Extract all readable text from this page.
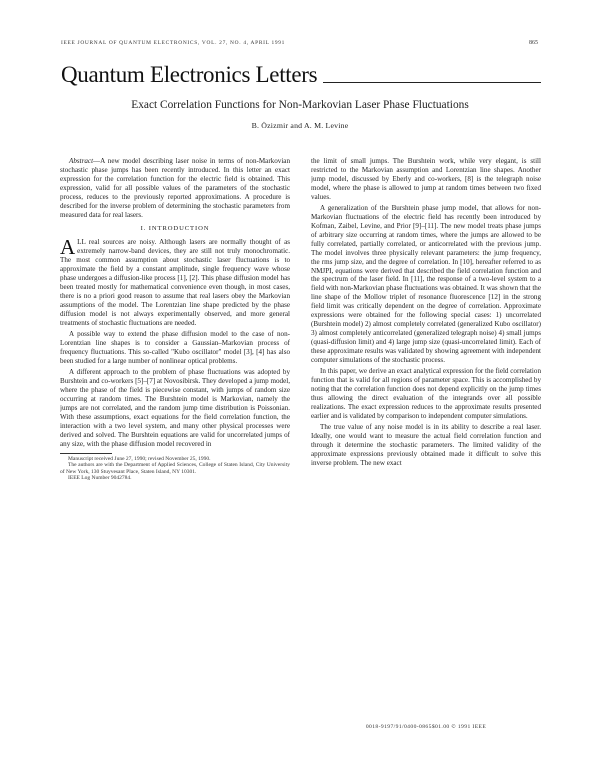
IEEE JOURNAL OF QUANTUM ELECTRONICS, VOL. 27, NO. 4, APRIL 1991	865
Quantum Electronics Letters
Exact Correlation Functions for Non-Markovian Laser Phase Fluctuations
B. Özizmir and A. M. Levine

Abstract—A new model describing laser noise in terms of non-Markovian stochastic phase jumps has been recently introduced. In this letter an exact expression for the correlation function for the electric field is obtained. This expression, valid for all possible values of the parameters of the stochastic process, reduces to the previously reported approximations. A procedure is described for the inverse problem of determining the stochastic parameters from measured data for real lasers.

I. INTRODUCTION

ALL real sources are noisy. Although lasers are normally thought of as extremely narrow-band devices, they are still not truly monochromatic. The most common assumption about stochastic laser fluctuations is to approximate the field by a constant amplitude, single frequency wave whose phase undergoes a diffusion-like process [1], [2]. This phase diffusion model has been treated mostly for mathematical convenience even though, in most cases, there is no a priori good reason to assume that real lasers obey the Markovian assumptions of the model. The Lorentzian line shape predicted by the phase diffusion model is not always experimentally observed, and more general treatments of stochastic fluctuations are needed.

A possible way to extend the phase diffusion model to the case of non-Lorentzian line shapes is to consider a Gaussian–Markovian process of frequency fluctuations. This so-called "Kubo oscillator" model [3], [4] has also been studied for a large number of nonlinear optical problems.

A different approach to the problem of phase fluctuations was adopted by Burshtein and co-workers [5]–[7] at Novosibirsk. They developed a jump model, where the phase of the field is piecewise constant, with jumps of random size occurring at random times. The Burshtein model is Markovian, namely the jumps are not correlated, and the random jump time distribution is Poissonian. With these assumptions, exact equations for the field correlation function, the interaction with a two level system, and many other physical processes were derived and solved. The Burshtein equations are valid for uncorrelated jumps of any size, with the phase diffusion model recovered in

Manuscript received June 27, 1990; revised November 25, 1990.

The authors are with the Department of Applied Sciences, College of Staten Island, City University of New York, 130 Stuyvesant Place, Staten Island, NY 10301.

IEEE Log Number 9042784.

the limit of small jumps. The Burshtein work, while very elegant, is still restricted to the Markovian assumption and Lorentzian line shapes. Another jump model, discussed by Eberly and co-workers, [8] is the telegraph noise model, where the phase is allowed to jump at random times between two fixed values.

A generalization of the Burshtein phase jump model, that allows for non-Markovian fluctuations of the electric field has recently been introduced by Kofman, Zaibel, Levine, and Prior [9]–[11]. The new model treats phase jumps of arbitrary size occurring at random times, where the jumps are allowed to be fully correlated, partially correlated, or anticorrelated with the previous jump. The model involves three physically relevant parameters: the jump frequency, the rms jump size, and the degree of correlation. In [10], hereafter referred to as NMJPI, equations were derived that described the field correlation function and the spectrum of the laser field. In [11], the response of a two-level system to a field with non-Markovian phase fluctuations was obtained. It was shown that the line shape of the Mollow triplet of resonance fluorescence [12] in the strong field limit was critically dependent on the degree of correlation. Approximate expressions were obtained for the following special cases: 1) uncorrelated (Burshtein model) 2) almost completely correlated (generalized Kubo oscillator) 3) almost completely anticorrelated (generalized telegraph noise) 4) small jumps (quasi-diffusion limit) and 4) large jump size (quasi-uncorrelated limit). Each of these approximate results was validated by showing agreement with independent computer simulations of the stochastic process.

In this paper, we derive an exact analytical expression for the field correlation function that is valid for all regions of parameter space. This is accomplished by noting that the correlation function does not depend explicitly on the jump times thus allowing the direct evaluation of the integrands over all possible realizations. The exact expression reduces to the approximate results presented earlier and is validated by comparison to independent computer simulations.

The true value of any noise model is in its ability to describe a real laser. Ideally, one would want to measure the actual field correlation function and through it determine the stochastic parameters. The limited validity of the approximate expressions previously obtained made it difficult to solve this inverse problem. The new exact

0018-9197/91/0400-0865$01.00 © 1991 IEEE
